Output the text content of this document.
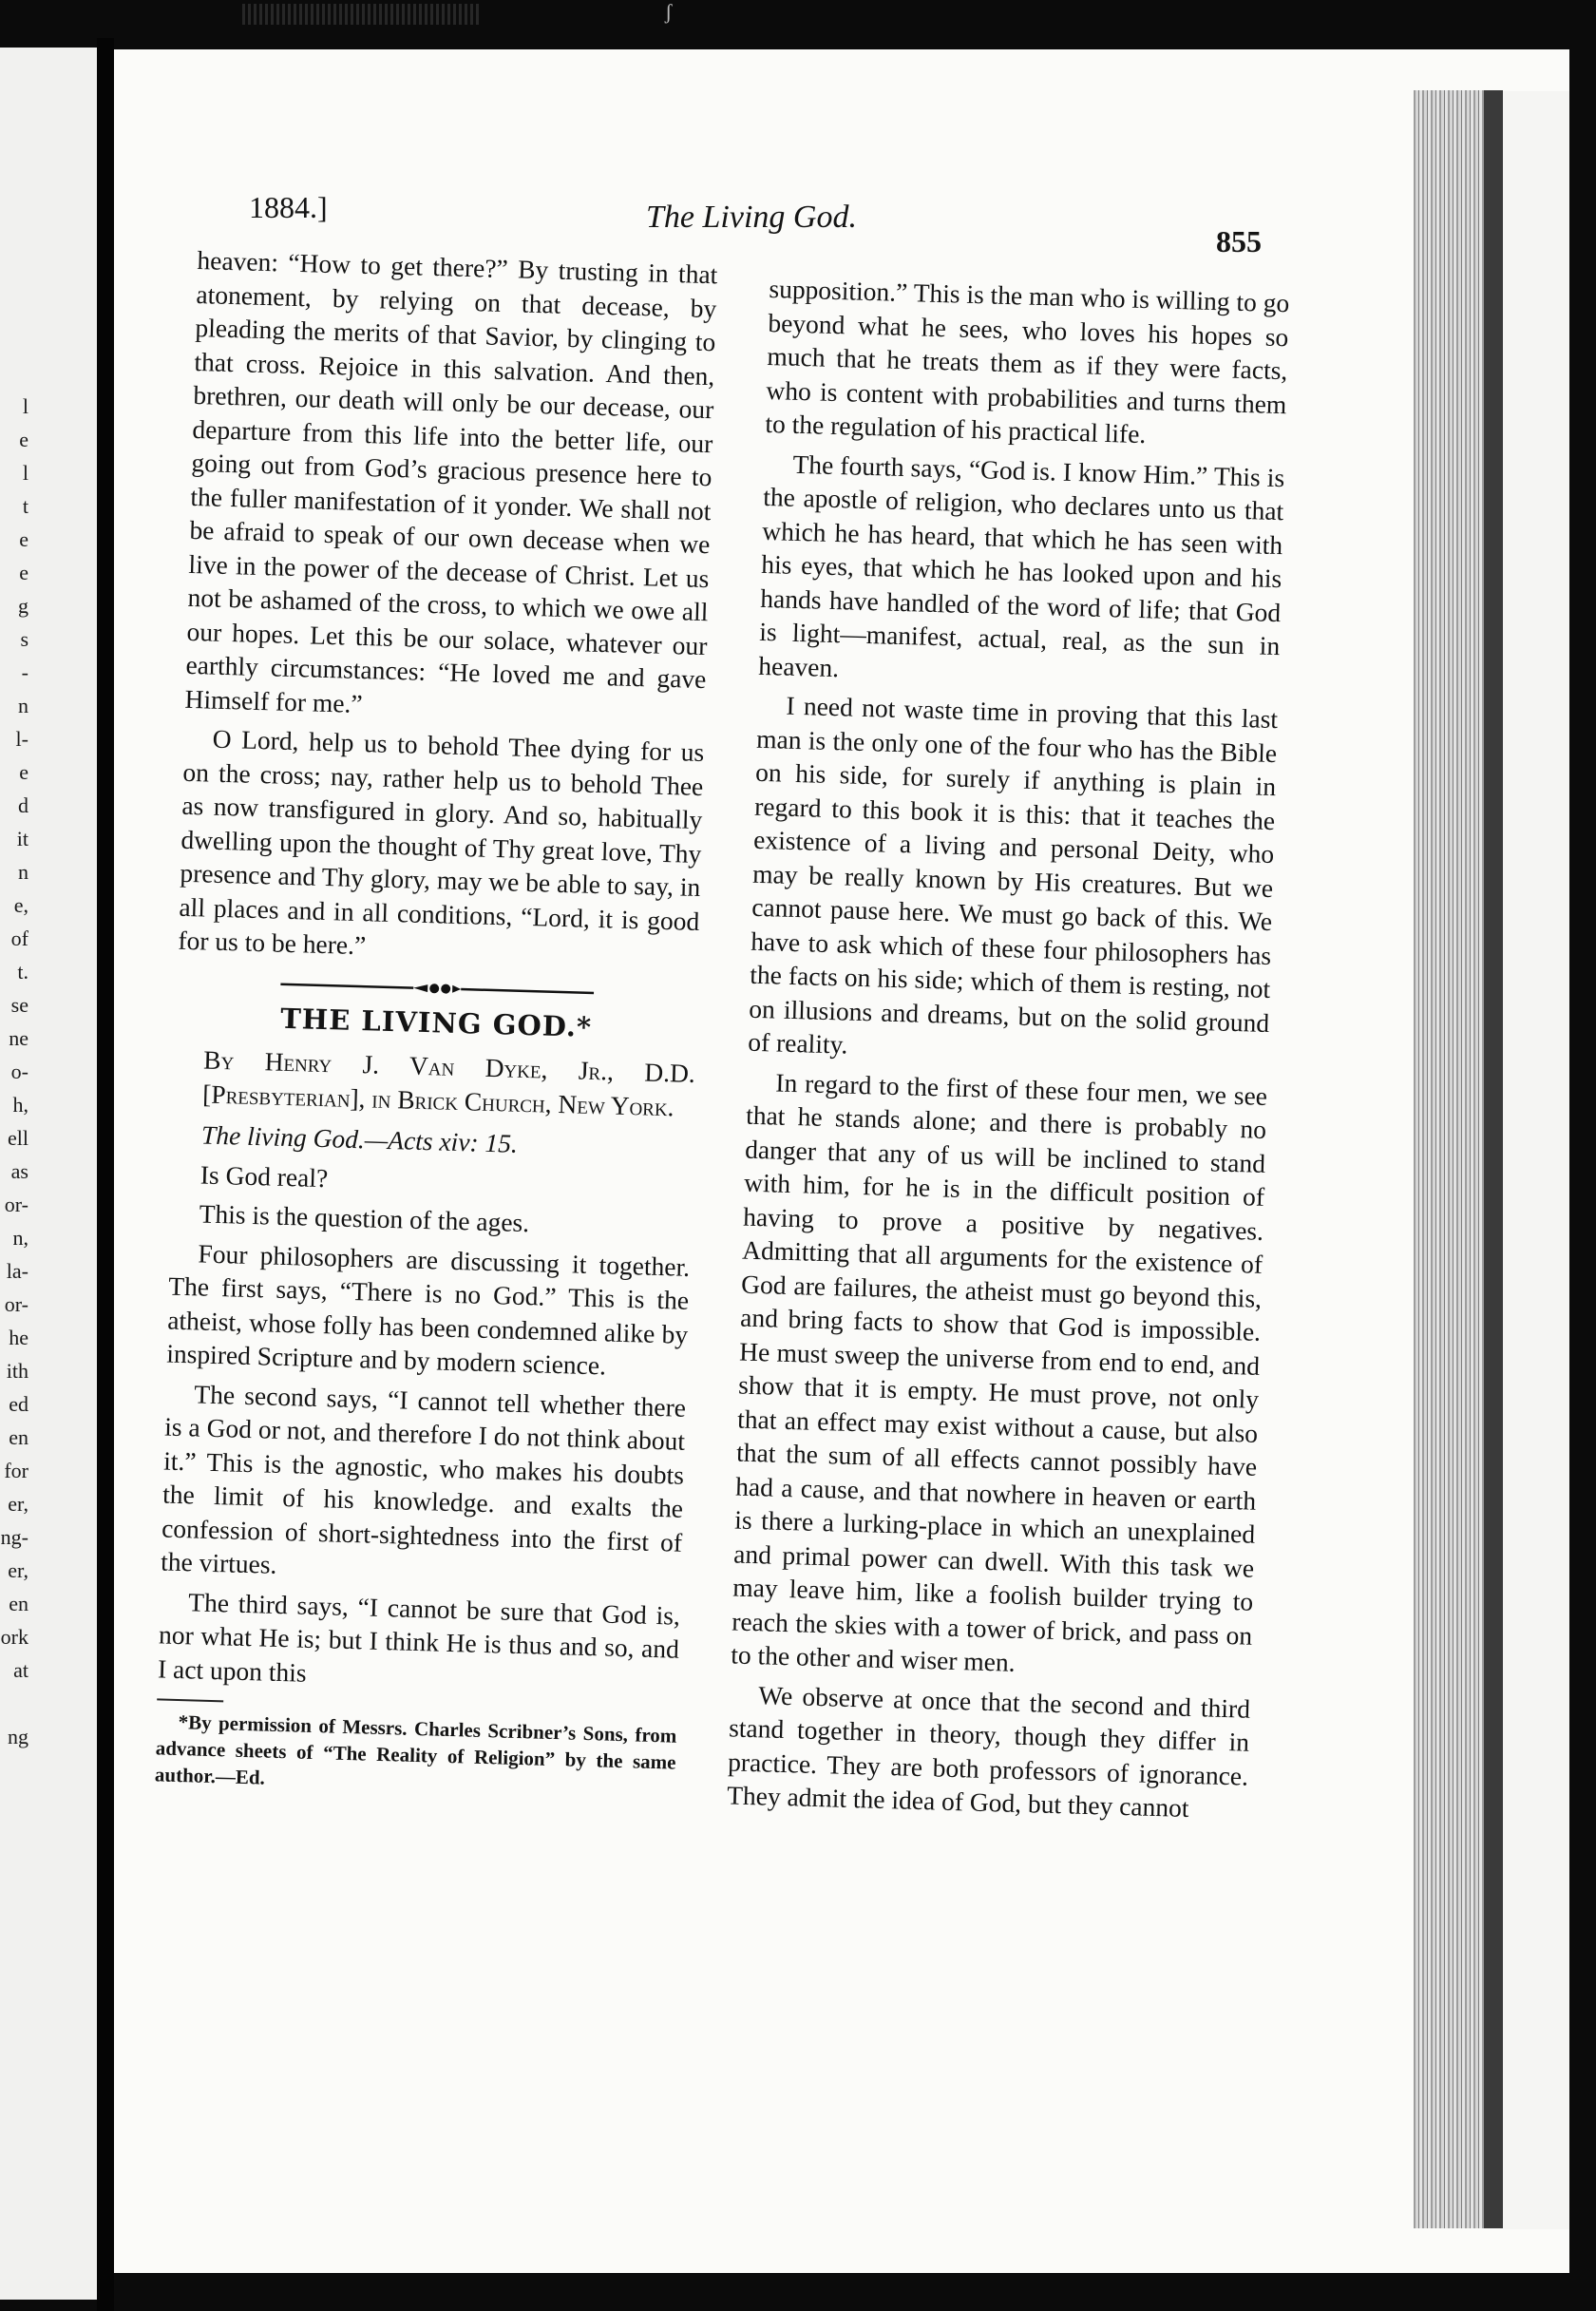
ʃ
l
e
l
t
e
e
g
s
-
n
l-
e
d
it
n
e,
of
t.
se
ne
o-
h,
ell
as
or-
n,
la-
or-
he
ith
ed
en
for
er,
ng-
er,
en
ork
at

ng
1884.]	The Living God.
855

heaven: “How to get there?” By trusting in that atonement, by relying on that decease, by pleading the merits of that Savior, by clinging to that cross. Rejoice in this salvation. And then, brethren, our death will only be our decease, our departure from this life into the better life, our going out from God’s gracious presence here to the fuller manifestation of it yonder. We shall not be afraid to speak of our own decease when we live in the power of the decease of Christ. Let us not be ashamed of the cross, to which we owe all our hopes. Let this be our solace, whatever our earthly circumstances: “He loved me and gave Himself for me.”

O Lord, help us to behold Thee dying for us on the cross; nay, rather help us to behold Thee as now transfigured in glory. And so, habitually dwelling upon the thought of Thy great love, Thy presence and Thy glory, may we be able to say, in all places and in all conditions, “Lord, it is good for us to be here.”

THE LIVING GOD.*

By Henry J. Van Dyke, Jr., D.D. [Presbyterian], in Brick Church, New York.

The living God.—Acts xiv: 15.

Is God real?

This is the question of the ages.

Four philosophers are discussing it together. The first says, “There is no God.” This is the atheist, whose folly has been condemned alike by inspired Scripture and by modern science.

The second says, “I cannot tell whether there is a God or not, and therefore I do not think about it.” This is the agnostic, who makes his doubts the limit of his knowledge. and exalts the confession of short-sightedness into the first of the virtues.

The third says, “I cannot be sure that God is, nor what He is; but I think He is thus and so, and I act upon this

*By permission of Messrs. Charles Scribner’s Sons, from advance sheets of “The Reality of Religion” by the same author.—Ed.

supposition.” This is the man who is willing to go beyond what he sees, who loves his hopes so much that he treats them as if they were facts, who is content with probabilities and turns them to the regulation of his practical life.

The fourth says, “God is. I know Him.” This is the apostle of religion, who declares unto us that which he has heard, that which he has seen with his eyes, that which he has looked upon and his hands have handled of the word of life; that God is light—manifest, actual, real, as the sun in heaven.

I need not waste time in proving that this last man is the only one of the four who has the Bible on his side, for surely if anything is plain in regard to this book it is this: that it teaches the existence of a living and personal Deity, who may be really known by His creatures. But we cannot pause here. We must go back of this. We have to ask which of these four philosophers has the facts on his side; which of them is resting, not on illusions and dreams, but on the solid ground of reality.

In regard to the first of these four men, we see that he stands alone; and there is probably no danger that any of us will be inclined to stand with him, for he is in the difficult position of having to prove a positive by negatives. Admitting that all arguments for the existence of God are failures, the atheist must go beyond this, and bring facts to show that God is impossible. He must sweep the universe from end to end, and show that it is empty. He must prove, not only that an effect may exist without a cause, but also that the sum of all effects cannot possibly have had a cause, and that nowhere in heaven or earth is there a lurking-place in which an unexplained and primal power can dwell. With this task we may leave him, like a foolish builder trying to reach the skies with a tower of brick, and pass on to the other and wiser men.

We observe at once that the second and third stand together in theory, though they differ in practice. They are both professors of ignorance. They admit the idea of God, but they cannot
